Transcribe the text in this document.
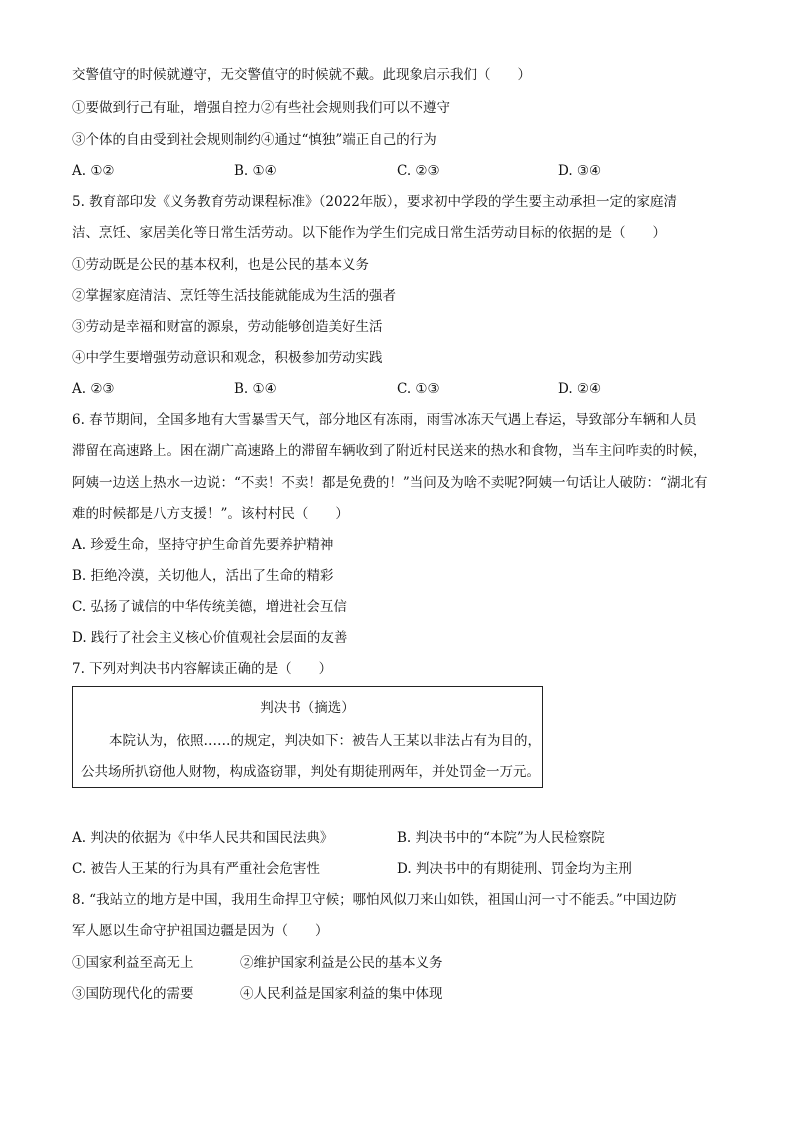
交警值守的时候就遵守，无交警值守的时候就不戴。此现象启示我们（　　）
①要做到行己有耻，增强自控力②有些社会规则我们可以不遵守
③个体的自由受到社会规则制约④通过“慎独”端正自己的行为
A. ①②	B. ①④	C. ②③	D. ③④
5. 教育部印发《义务教育劳动课程标准》（2022年版），要求初中学段的学生要主动承担一定的家庭清
洁、烹饪、家居美化等日常生活劳动。以下能作为学生们完成日常生活劳动目标的依据的是（　　）
①劳动既是公民的基本权利，也是公民的基本义务
②掌握家庭清洁、烹饪等生活技能就能成为生活的强者
③劳动是幸福和财富的源泉，劳动能够创造美好生活
④中学生要增强劳动意识和观念，积极参加劳动实践
A. ②③	B. ①④	C. ①③	D. ②④
6. 春节期间，全国多地有大雪暴雪天气，部分地区有冻雨，雨雪冰冻天气遇上春运，导致部分车辆和人员
滞留在高速路上。困在湖广高速路上的滞留车辆收到了附近村民送来的热水和食物，当车主问咋卖的时候，
阿姨一边送上热水一边说：“不卖！不卖！都是免费的！”当问及为啥不卖呢?阿姨一句话让人破防：“湖北有
难的时候都是八方支援！”。该村村民（　　）
A. 珍爱生命，坚持守护生命首先要养护精神
B. 拒绝冷漠，关切他人，活出了生命的精彩
C. 弘扬了诚信的中华传统美德，增进社会互信
D. 践行了社会主义核心价值观社会层面的友善
7. 下列对判决书内容解读正确的是（　　）
判决书（摘选）
本院认为，依照……的规定，判决如下：被告人王某以非法占有为目的，
公共场所扒窃他人财物，构成盗窃罪，判处有期徒刑两年，并处罚金一万元。
A. 判决的依据为《中华人民共和国民法典》	B. 判决书中的“本院”为人民检察院
C. 被告人王某的行为具有严重社会危害性	D. 判决书中的有期徒刑、罚金均为主刑
8. “我站立的地方是中国，我用生命捍卫守候；哪怕风似刀来山如铁，祖国山河一寸不能丢。”中国边防
军人愿以生命守护祖国边疆是因为（　　）
①国家利益至高无上	②维护国家利益是公民的基本义务
③国防现代化的需要	④人民利益是国家利益的集中体现
